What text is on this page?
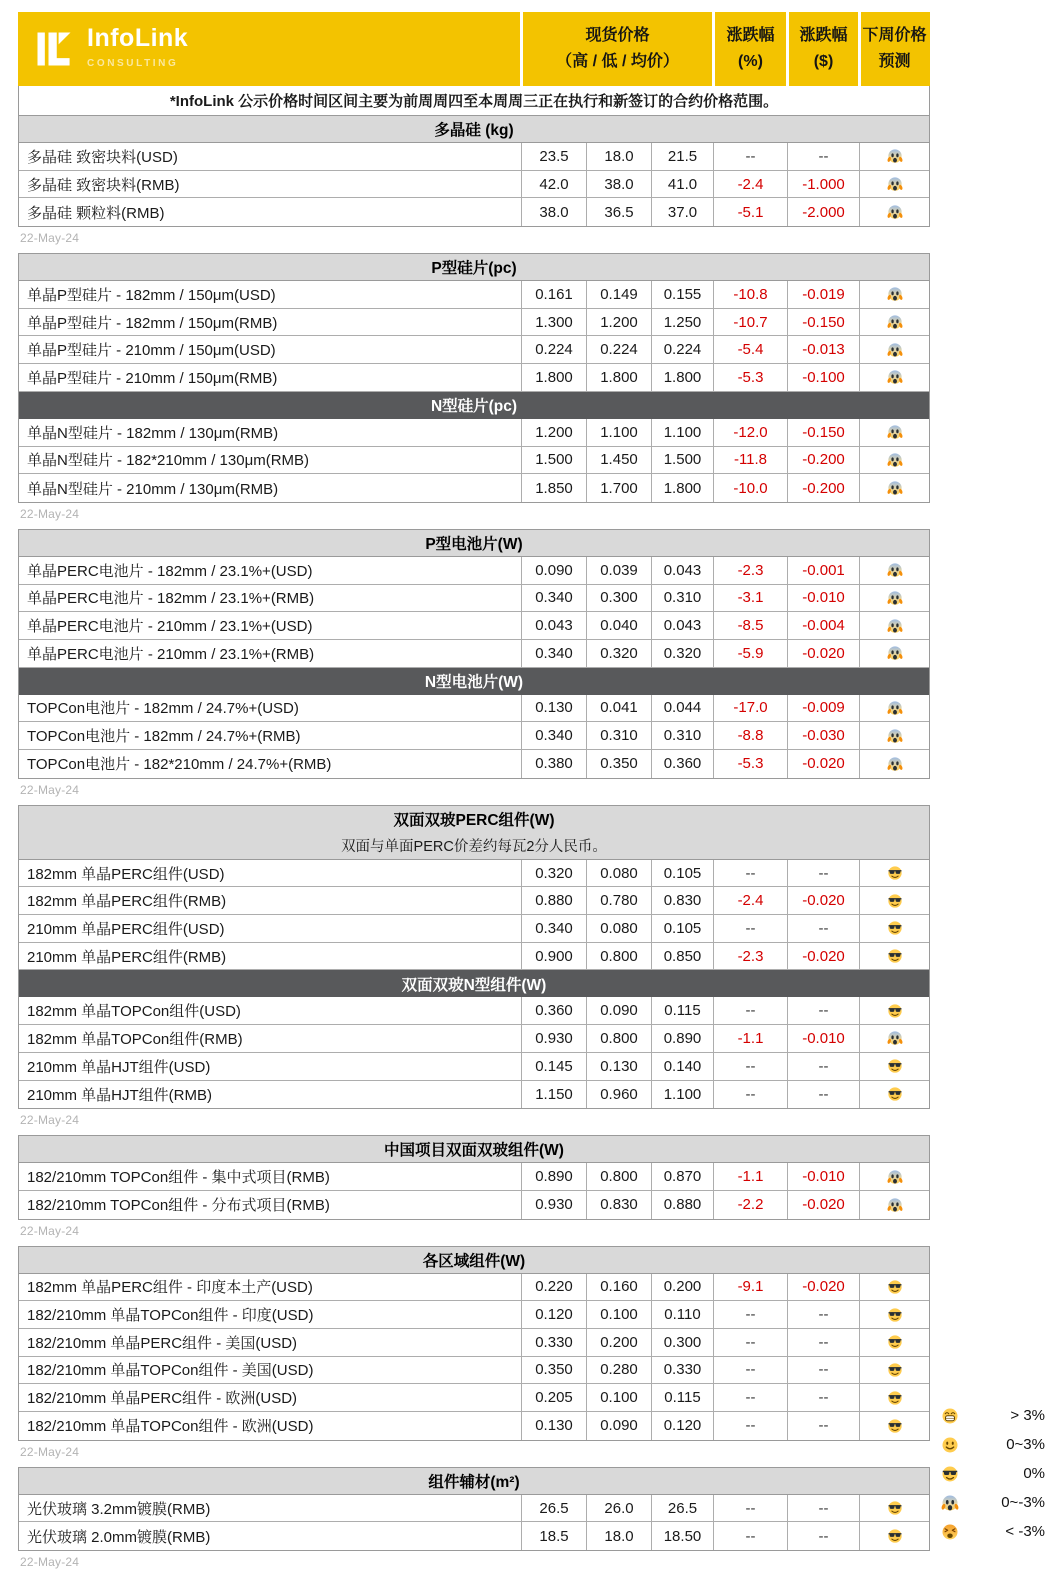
InfoLink
CONSULTING
现货价格
（高 / 低 / 均价）
涨跌幅
(%)
涨跌幅
($)
下周价格
预测
*InfoLink 公示价格时间区间主要为前周周四至本周周三正在执行和新签订的合约价格范围。
多晶硅 (kg)
多晶硅 致密块料(USD)	23.5	18.0	21.5	--	--
多晶硅 致密块料(RMB)	42.0	38.0	41.0	-2.4	-1.000
多晶硅 颗粒料(RMB)	38.0	36.5	37.0	-5.1	-2.000
22-May-24
P型硅片(pc)
单晶P型硅片 - 182mm / 150μm(USD)	0.161	0.149	0.155	-10.8	-0.019
单晶P型硅片 - 182mm / 150μm(RMB)	1.300	1.200	1.250	-10.7	-0.150
单晶P型硅片 - 210mm / 150μm(USD)	0.224	0.224	0.224	-5.4	-0.013
单晶P型硅片 - 210mm / 150μm(RMB)	1.800	1.800	1.800	-5.3	-0.100
N型硅片(pc)
单晶N型硅片 - 182mm / 130μm(RMB)	1.200	1.100	1.100	-12.0	-0.150
单晶N型硅片 - 182*210mm / 130μm(RMB)	1.500	1.450	1.500	-11.8	-0.200
单晶N型硅片 - 210mm / 130μm(RMB)	1.850	1.700	1.800	-10.0	-0.200
22-May-24
P型电池片(W)
单晶PERC电池片 - 182mm / 23.1%+(USD)	0.090	0.039	0.043	-2.3	-0.001
单晶PERC电池片 - 182mm / 23.1%+(RMB)	0.340	0.300	0.310	-3.1	-0.010
单晶PERC电池片 - 210mm / 23.1%+(USD)	0.043	0.040	0.043	-8.5	-0.004
单晶PERC电池片 - 210mm / 23.1%+(RMB)	0.340	0.320	0.320	-5.9	-0.020
N型电池片(W)
TOPCon电池片 - 182mm / 24.7%+(USD)	0.130	0.041	0.044	-17.0	-0.009
TOPCon电池片 - 182mm / 24.7%+(RMB)	0.340	0.310	0.310	-8.8	-0.030
TOPCon电池片 - 182*210mm / 24.7%+(RMB)	0.380	0.350	0.360	-5.3	-0.020
22-May-24
双面双玻PERC组件(W)
双面与单面PERC价差约每瓦2分人民币。
182mm 单晶PERC组件(USD)	0.320	0.080	0.105	--	--
182mm 单晶PERC组件(RMB)	0.880	0.780	0.830	-2.4	-0.020
210mm 单晶PERC组件(USD)	0.340	0.080	0.105	--	--
210mm 单晶PERC组件(RMB)	0.900	0.800	0.850	-2.3	-0.020
双面双玻N型组件(W)
182mm 单晶TOPCon组件(USD)	0.360	0.090	0.115	--	--
182mm 单晶TOPCon组件(RMB)	0.930	0.800	0.890	-1.1	-0.010
210mm 单晶HJT组件(USD)	0.145	0.130	0.140	--	--
210mm 单晶HJT组件(RMB)	1.150	0.960	1.100	--	--
22-May-24
中国项目双面双玻组件(W)
182/210mm TOPCon组件 - 集中式项目(RMB)	0.890	0.800	0.870	-1.1	-0.010
182/210mm TOPCon组件 - 分布式项目(RMB)	0.930	0.830	0.880	-2.2	-0.020
22-May-24
各区域组件(W)
182mm 单晶PERC组件 - 印度本土产(USD)	0.220	0.160	0.200	-9.1	-0.020
182/210mm 单晶TOPCon组件 - 印度(USD)	0.120	0.100	0.110	--	--
182/210mm 单晶PERC组件 - 美国(USD)	0.330	0.200	0.300	--	--
182/210mm 单晶TOPCon组件 - 美国(USD)	0.350	0.280	0.330	--	--
182/210mm 单晶PERC组件 - 欧洲(USD)	0.205	0.100	0.115	--	--
182/210mm 单晶TOPCon组件 - 欧洲(USD)	0.130	0.090	0.120	--	--
22-May-24
组件辅材(m²)
光伏玻璃 3.2mm镀膜(RMB)	26.5	26.0	26.5	--	--
光伏玻璃 2.0mm镀膜(RMB)	18.5	18.0	18.50	--	--
22-May-24
> 3%
0~3%
0%
0~-3%
< -3%
